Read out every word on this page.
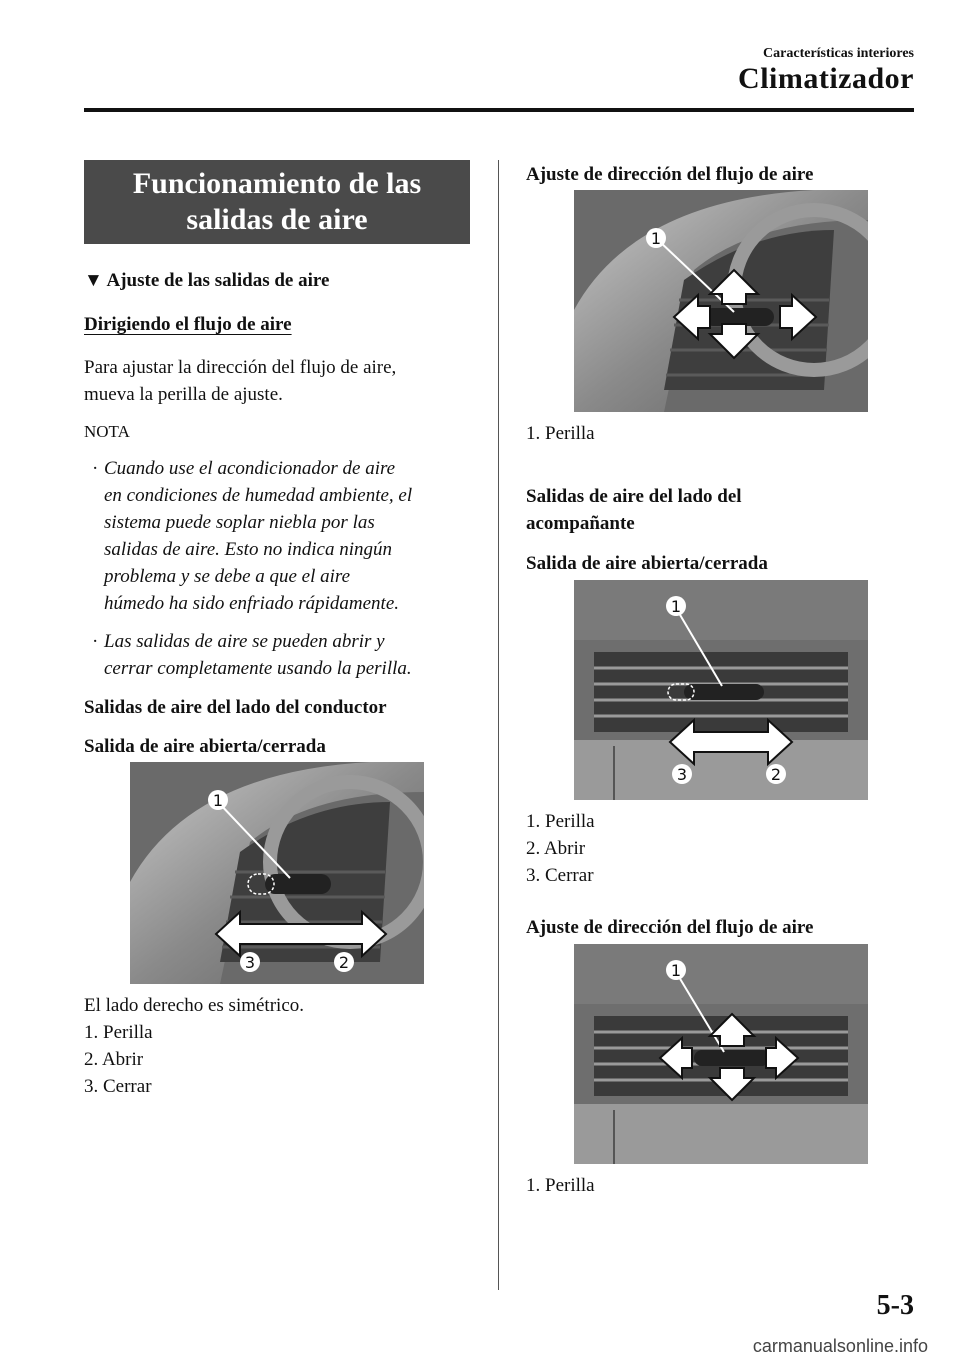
Características interiores
Climatizador
Funcionamiento de las
salidas de aire
▼ Ajuste de las salidas de aire
Dirigiendo el flujo de aire
Para ajustar la dirección del flujo de aire,
mueva la perilla de ajuste.
NOTA
· Cuando use el acondicionador de aire
en condiciones de humedad ambiente, el
sistema puede soplar niebla por las
salidas de aire. Esto no indica ningún
problema y se debe a que el aire
húmedo ha sido enfriado rápidamente.
· Las salidas de aire se pueden abrir y
cerrar completamente usando la perilla.
Salidas de aire del lado del conductor
Salida de aire abierta/cerrada
1
3	2
El lado derecho es simétrico.
1. Perilla
2. Abrir
3. Cerrar
Ajuste de dirección del flujo de aire
1
1. Perilla
Salidas de aire del lado del
acompañante
Salida de aire abierta/cerrada
1
3	2
1. Perilla
2. Abrir
3. Cerrar
Ajuste de dirección del flujo de aire
1
1. Perilla
5-3
carmanualsonline.info
